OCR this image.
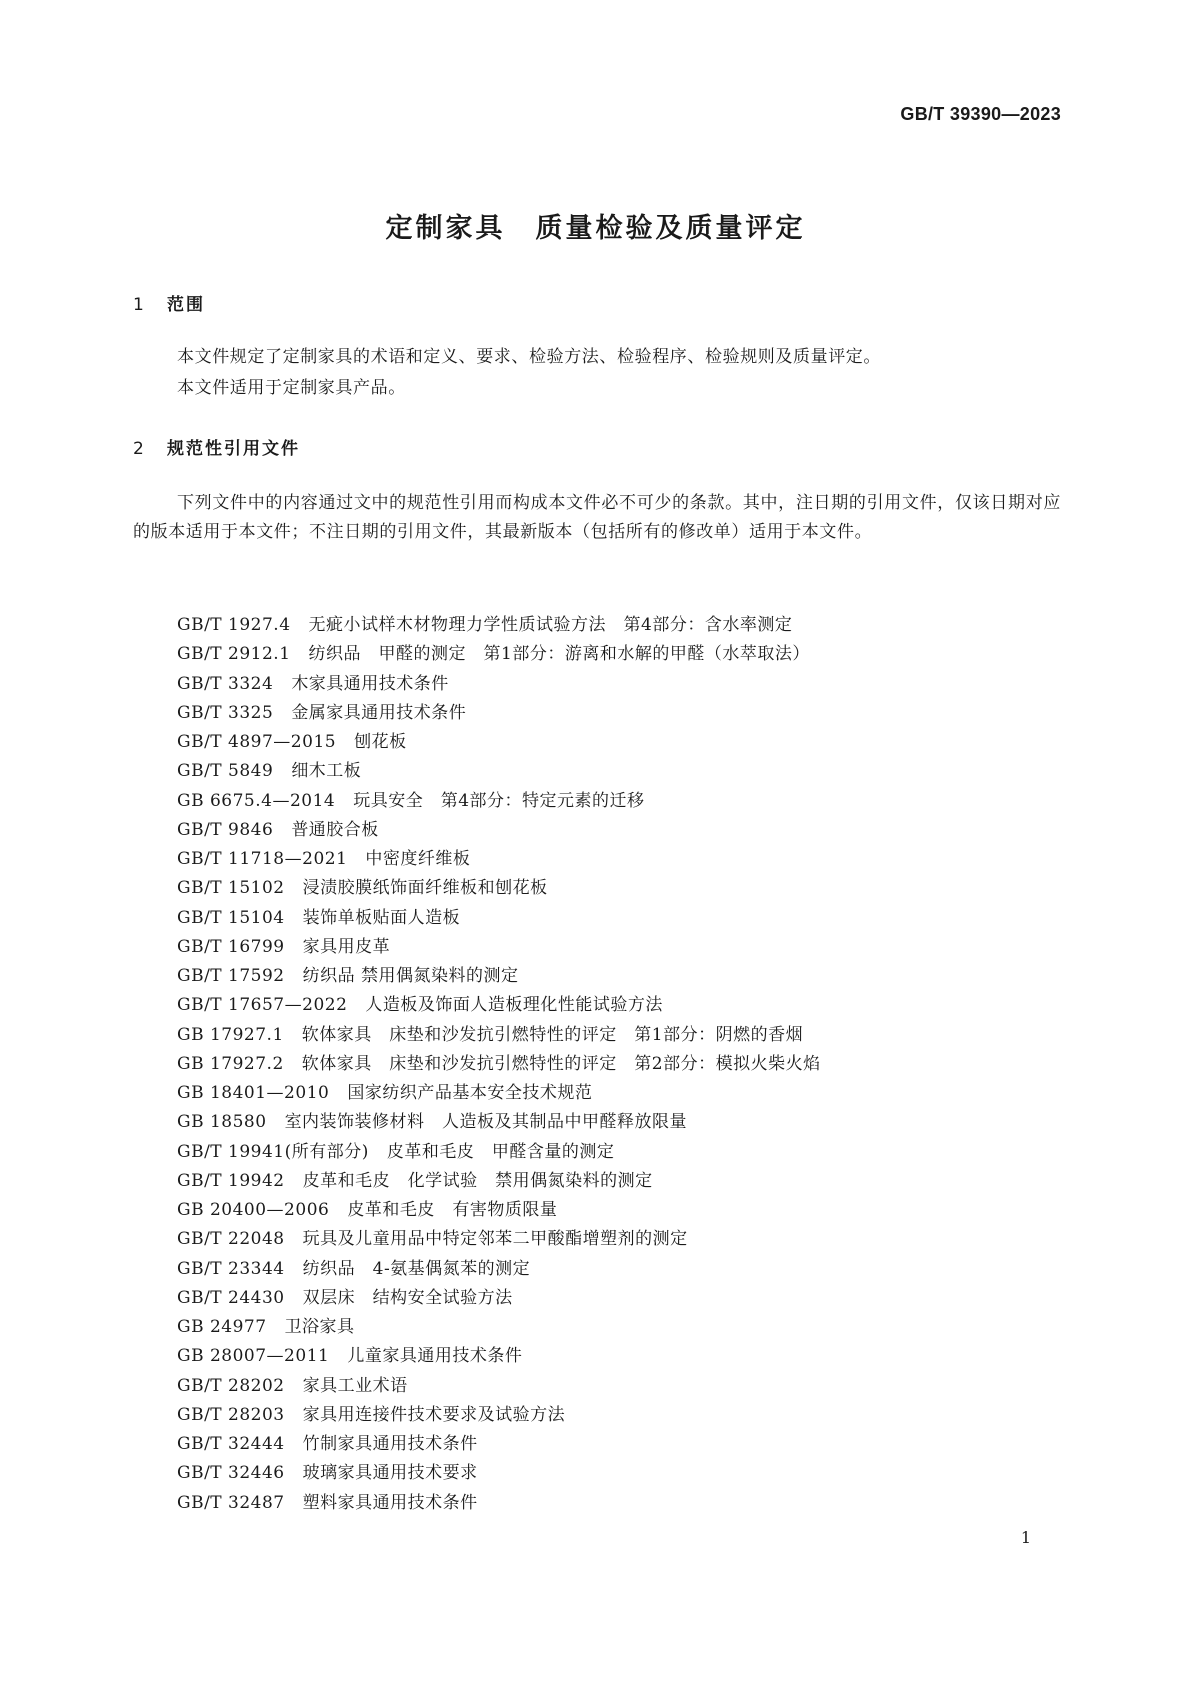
GB/T 39390—2023
定制家具 质量检验及质量评定
1 范围

本文件规定了定制家具的术语和定义、要求、检验方法、检验程序、检验规则及质量评定。

本文件适用于定制家具产品。

2 规范性引用文件

下列文件中的内容通过文中的规范性引用而构成本文件必不可少的条款。其中，注日期的引用文件，仅该日期对应的版本适用于本文件；不注日期的引用文件，其最新版本（包括所有的修改单）适用于本文件。

GB/T 1927.4 无疵小试样木材物理力学性质试验方法　第4部分：含水率测定
GB/T 2912.1 纺织品　甲醛的测定　第1部分：游离和水解的甲醛（水萃取法）
GB/T 3324 木家具通用技术条件
GB/T 3325 金属家具通用技术条件
GB/T 4897—2015 刨花板
GB/T 5849 细木工板
GB 6675.4—2014 玩具安全　第4部分：特定元素的迁移
GB/T 9846 普通胶合板
GB/T 11718—2021 中密度纤维板
GB/T 15102 浸渍胶膜纸饰面纤维板和刨花板
GB/T 15104 装饰单板贴面人造板
GB/T 16799 家具用皮革
GB/T 17592 纺织品 禁用偶氮染料的测定
GB/T 17657—2022 人造板及饰面人造板理化性能试验方法
GB 17927.1 软体家具　床垫和沙发抗引燃特性的评定　第1部分：阴燃的香烟
GB 17927.2 软体家具　床垫和沙发抗引燃特性的评定　第2部分：模拟火柴火焰
GB 18401—2010 国家纺织产品基本安全技术规范
GB 18580 室内装饰装修材料　人造板及其制品中甲醛释放限量
GB/T 19941(所有部分) 皮革和毛皮　甲醛含量的测定
GB/T 19942 皮革和毛皮　化学试验　禁用偶氮染料的测定
GB 20400—2006 皮革和毛皮　有害物质限量
GB/T 22048 玩具及儿童用品中特定邻苯二甲酸酯增塑剂的测定
GB/T 23344 纺织品　4-氨基偶氮苯的测定
GB/T 24430 双层床　结构安全试验方法
GB 24977 卫浴家具
GB 28007—2011 儿童家具通用技术条件
GB/T 28202 家具工业术语
GB/T 28203 家具用连接件技术要求及试验方法
GB/T 32444 竹制家具通用技术条件
GB/T 32446 玻璃家具通用技术要求
GB/T 32487 塑料家具通用技术条件
1
